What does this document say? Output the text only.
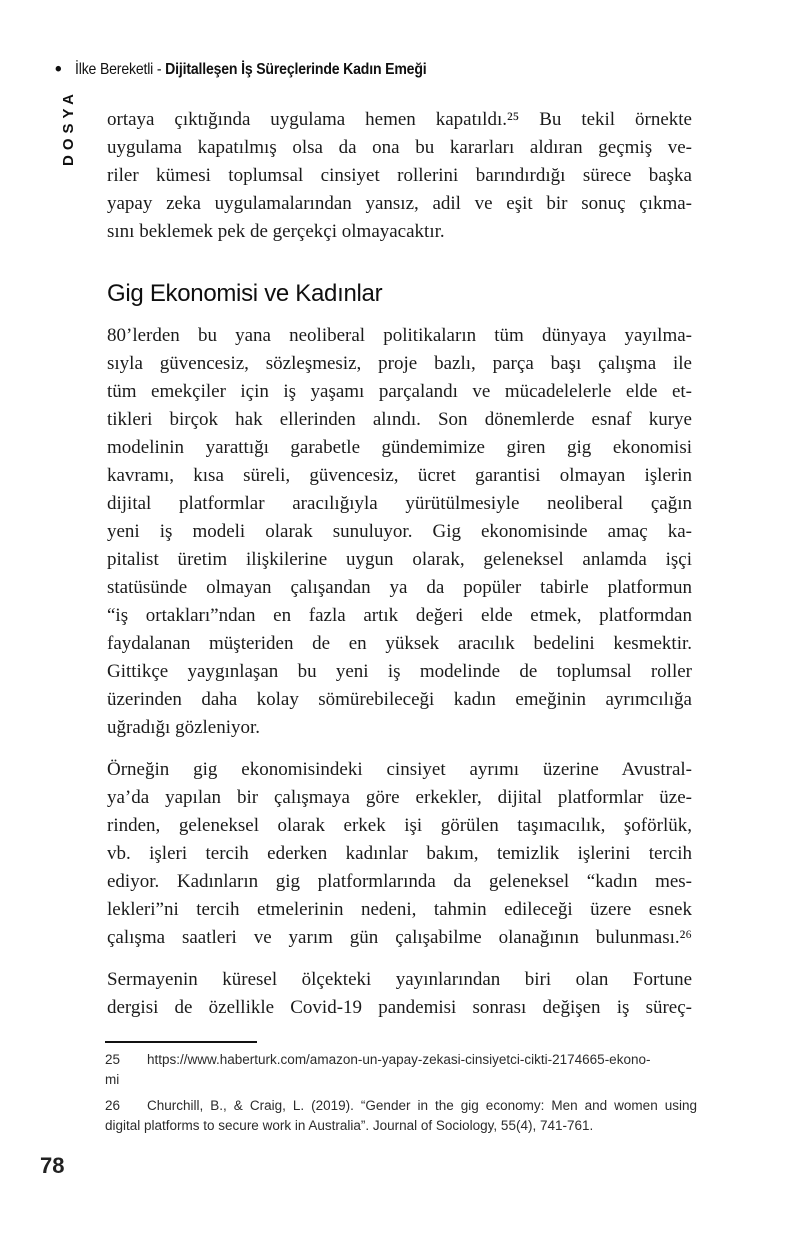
• İlke Bereketli - Dijitalleşen İş Süreçlerinde Kadın Emeği
DOSYA ortaya çıktığında uygulama hemen kapatıldı.²⁵ Bu tekil örnekte
uygulama kapatılmış olsa da ona bu kararları aldıran geçmiş ve-
riler kümesi toplumsal cinsiyet rollerini barındırdığı sürece başka
yapay zeka uygulamalarından yansız, adil ve eşit bir sonuç çıkma-
sını beklemek pek de gerçekçi olmayacaktır.
Gig Ekonomisi ve Kadınlar
80’lerden bu yana neoliberal politikaların tüm dünyaya yayılma-
sıyla güvencesiz, sözleşmesiz, proje bazlı, parça başı çalışma ile
tüm emekçiler için iş yaşamı parçalandı ve mücadelelerle elde et-
tikleri birçok hak ellerinden alındı. Son dönemlerde esnaf kurye
modelinin yarattığı garabetle gündemimize giren gig ekonomisi
kavramı, kısa süreli, güvencesiz, ücret garantisi olmayan işlerin
dijital platformlar aracılığıyla yürütülmesiyle neoliberal çağın
yeni iş modeli olarak sunuluyor. Gig ekonomisinde amaç ka-
pitalist üretim ilişkilerine uygun olarak, geleneksel anlamda işçi
statüsünde olmayan çalışandan ya da popüler tabirle platformun
“iş ortakları”ndan en fazla artık değeri elde etmek, platformdan
faydalanan müşteriden de en yüksek aracılık bedelini kesmektir.
Gittikçe yaygınlaşan bu yeni iş modelinde de toplumsal roller
üzerinden daha kolay sömürebileceği kadın emeğinin ayrımcılığa
uğradığı gözleniyor.
Örneğin gig ekonomisindeki cinsiyet ayrımı üzerine Avustral-
ya’da yapılan bir çalışmaya göre erkekler, dijital platformlar üze-
rinden, geleneksel olarak erkek işi görülen taşımacılık, şoförlük,
vb. işleri tercih ederken kadınlar bakım, temizlik işlerini tercih
ediyor. Kadınların gig platformlarında da geleneksel “kadın mes-
lekleri”ni tercih etmelerinin nedeni, tahmin edileceği üzere esnek
çalışma saatleri ve yarım gün çalışabilme olanağının bulunması.²⁶
Sermayenin küresel ölçekteki yayınlarından biri olan Fortune
dergisi de özellikle Covid-19 pandemisi sonrası değişen iş süreç-
25 https://www.haberturk.com/amazon-un-yapay-zekasi-cinsiyetci-cikti-2174665-ekono-
mi
26 Churchill, B., & Craig, L. (2019). “Gender in the gig economy: Men and women using
digital platforms to secure work in Australia”. Journal of Sociology, 55(4), 741-761.
78
